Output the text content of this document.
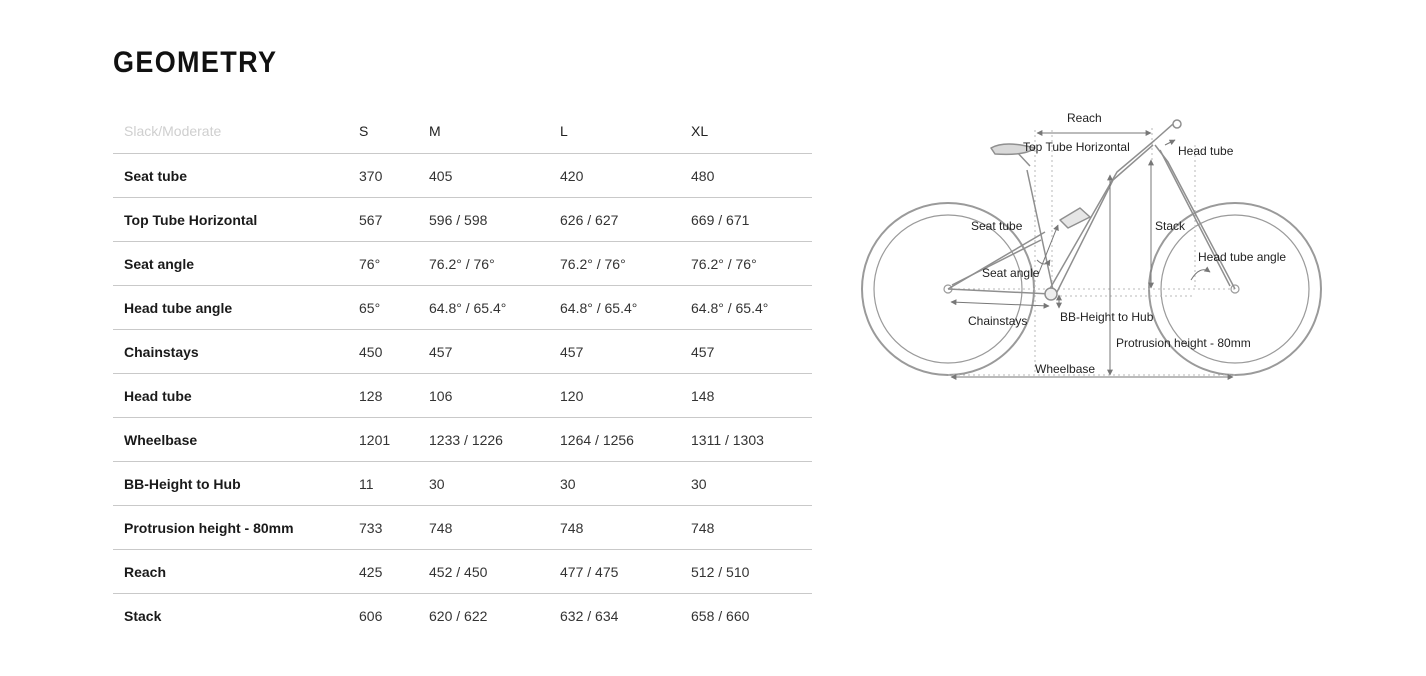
GEOMETRY
Slack/Moderate	S	M	L	XL
Seat tube	370	405	420	480
Top Tube Horizontal	567	596 / 598	626 / 627	669 / 671
Seat angle	76°	76.2° / 76°	76.2° / 76°	76.2° / 76°
Head tube angle	65°	64.8° / 65.4°	64.8° / 65.4°	64.8° / 65.4°
Chainstays	450	457	457	457
Head tube	128	106	120	148
Wheelbase	1201	1233 / 1226	1264 / 1256	1311 / 1303
BB-Height to Hub	11	30	30	30
Protrusion height - 80mm	733	748	748	748
Reach	425	452 / 450	477 / 475	512 / 510
Stack	606	620 / 622	632 / 634	658 / 660
Reach
Top Tube Horizontal	Head tube
Seat tube	Stack
Head tube angle
Seat angle
Chainstays	BB-Height to Hub
Protrusion height - 80mm
Wheelbase
